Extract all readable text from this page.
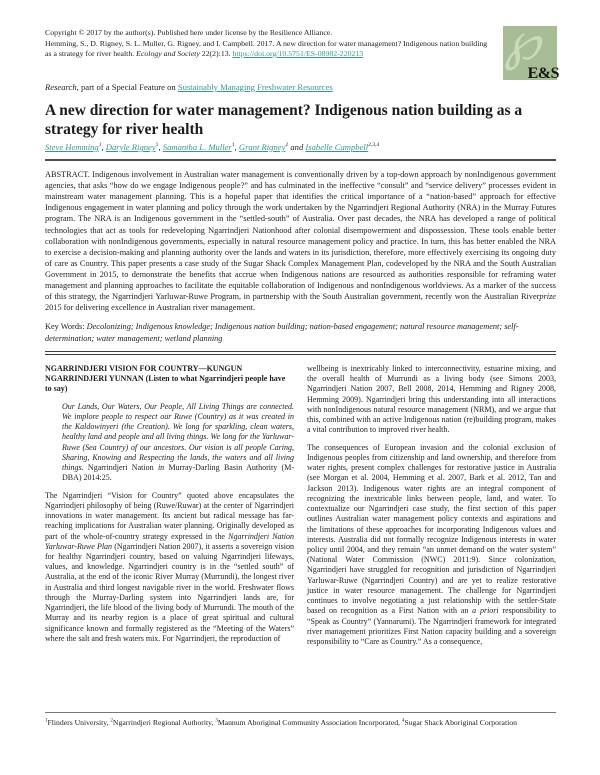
Copyright © 2017 by the author(s). Published here under license by the Resilience Alliance.
Hemming, S., D. Rigney, S. L. Muller, G. Rigney, and I. Campbell. 2017. A new direction for water management? Indigenous nation building as a strategy for river health. Ecology and Society 22(2):13. https://doi.org/10.5751/ES-08982-220213	℘
E&S
Research, part of a Special Feature on Sustainably Managing Freshwater Resources
A new direction for water management? Indigenous nation building as a strategy for river health
Steve Hemming$^1$, Daryle Rigney$^1$, Samantha L. Muller$^1$, Grant Rigney$^2$ and Isabelle Campbell$^{2,3,4}$
ABSTRACT. Indigenous involvement in Australian water management is conventionally driven by a top-down approach by nonIndigenous government agencies, that asks “how do we engage Indigenous people?” and has culminated in the ineffective “consult” and “service delivery” processes evident in mainstream water management planning. This is a hopeful paper that identifies the critical importance of a “nation-based” approach for effective Indigenous engagement in water planning and policy through the work undertaken by the Ngarrindjeri Regional Authority (NRA) in the Murray Futures program. The NRA is an Indigenous government in the “settled-south” of Australia. Over past decades, the NRA has developed a range of political technologies that act as tools for redeveloping Ngarrindjeri Nationhood after colonial disempowerment and dispossession. These tools enable better collaboration with nonIndigenous governments, especially in natural resource management policy and practice. In turn, this has better enabled the NRA to exercise a decision-making and planning authority over the lands and waters in its jurisdiction, therefore, more effectively exercising its ongoing duty of care as Country. This paper presents a case study of the Sugar Shack Complex Management Plan, codeveloped by the NRA and the South Australian Government in 2015, to demonstrate the benefits that accrue when Indigenous nations are resourced as authorities responsible for reframing water management and planning approaches to facilitate the equitable collaboration of Indigenous and nonIndigenous worldviews. As a marker of the success of this strategy, the Ngarrindjeri Yarluwar-Ruwe Program, in partnership with the South Australian government, recently won the Australian Riverprize 2015 for delivering excellence in Australian river management.
Key Words: Decolonizing; Indigenous knowledge; Indigenous nation building; nation-based engagement; natural resource management; self-determination; water management; wetland planning

NGARRINDJERI VISION FOR COUNTRY—KUNGUN NGARRINDJERI YUNNAN (Listen to what Ngarrindjeri people have to say)

Our Lands, Our Waters, Our People, All Living Things are connected. We implore people to respect our Ruwe (Country) as it was created in the Kaldowinyeri (the Creation). We long for sparkling, clean waters, healthy land and people and all living things. We long for the Yarluwar-Ruwe (Sea Country) of our ancestors. Our vision is all people Caring, Sharing, Knowing and Respecting the lands, the waters and all living things. Ngarrindjeri Nation in Murray-Darling Basin Authority (M-DBA) 2014:25.

The Ngarrindjeri “Vision for Country” quoted above encapsulates the Ngarrindjeri philosophy of being (Ruwe/Ruwar) at the center of Ngarrindjeri innovations in water management. Its ancient but radical message has far-reaching implications for Australian water planning. Originally developed as part of the whole-of-country strategy expressed in the Ngarrindjeri Nation Yarluwar-Ruwe Plan (Ngarrindjeri Nation 2007), it asserts a sovereign vision for healthy Ngarrindjeri country, based on valuing Ngarrindjeri lifeways, values, and knowledge. Ngarrindjeri country is in the “settled south” of Australia, at the end of the iconic River Murray (Murrundi), the longest river in Australia and third longest navigable river in the world. Freshwater flows through the Murray-Darling system into Ngarrindjeri lands are, for Ngarrindjeri, the life blood of the living body of Murrundi. The mouth of the Murray and its nearby region is a place of great spiritual and cultural significance known and formally registered as the “Meeting of the Waters” where the salt and fresh waters mix. For Ngarrindjeri, the reproduction of

wellbeing is inextricably linked to interconnectivity, estuarine mixing, and the overall health of Murrundi as a living body (see Simons 2003, Ngarrindjeri Nation 2007, Bell 2008, 2014, Hemming and Rigney 2008, Hemming 2009). Ngarrindjeri bring this understanding into all interactions with nonIndigenous natural resource management (NRM), and we argue that this, combined with an active Indigenous nation (re)building program, makes a vital contribution to improved river health.

The consequences of European invasion and the colonial exclusion of Indigenous peoples from citizenship and land ownership, and therefore from water rights, present complex challenges for restorative justice in Australia (see Morgan et al. 2004, Hemming et al. 2007, Bark et al. 2012, Tan and Jackson 2013). Indigenous water rights are an integral component of recognizing the inextricable links between people, land, and water. To contextualize our Ngarrindjeri case study, the first section of this paper outlines Australian water management policy contexts and aspirations and the limitations of these approaches for incorporating Indigenous values and interests. Australia did not formally recognize Indigenous interests in water policy until 2004, and they remain “an unmet demand on the water system” (National Water Commission (NWC) 2011:9). Since colonization, Ngarrindjeri have struggled for recognition and jurisdiction of Ngarrindjeri Yarluwar-Ruwe (Ngarrindjeri Country) and are yet to realize restorative justice in water resource management. The challenge for Ngarrindjeri continues to involve negotiating a just relationship with the settler-State based on recognition as a First Nation with an a priori responsibility to “Speak as Country” (Yannarumi). The Ngarrindjeri framework for integrated river management prioritizes First Nation capacity building and a sovereign responsibility to “Care as Country.” As a consequence,

$^1$Flinders University, $^2$Ngarrindjeri Regional Authority, $^3$Mannum Aboriginal Community Association Incorporated, $^4$Sugar Shack Aboriginal Corporation
